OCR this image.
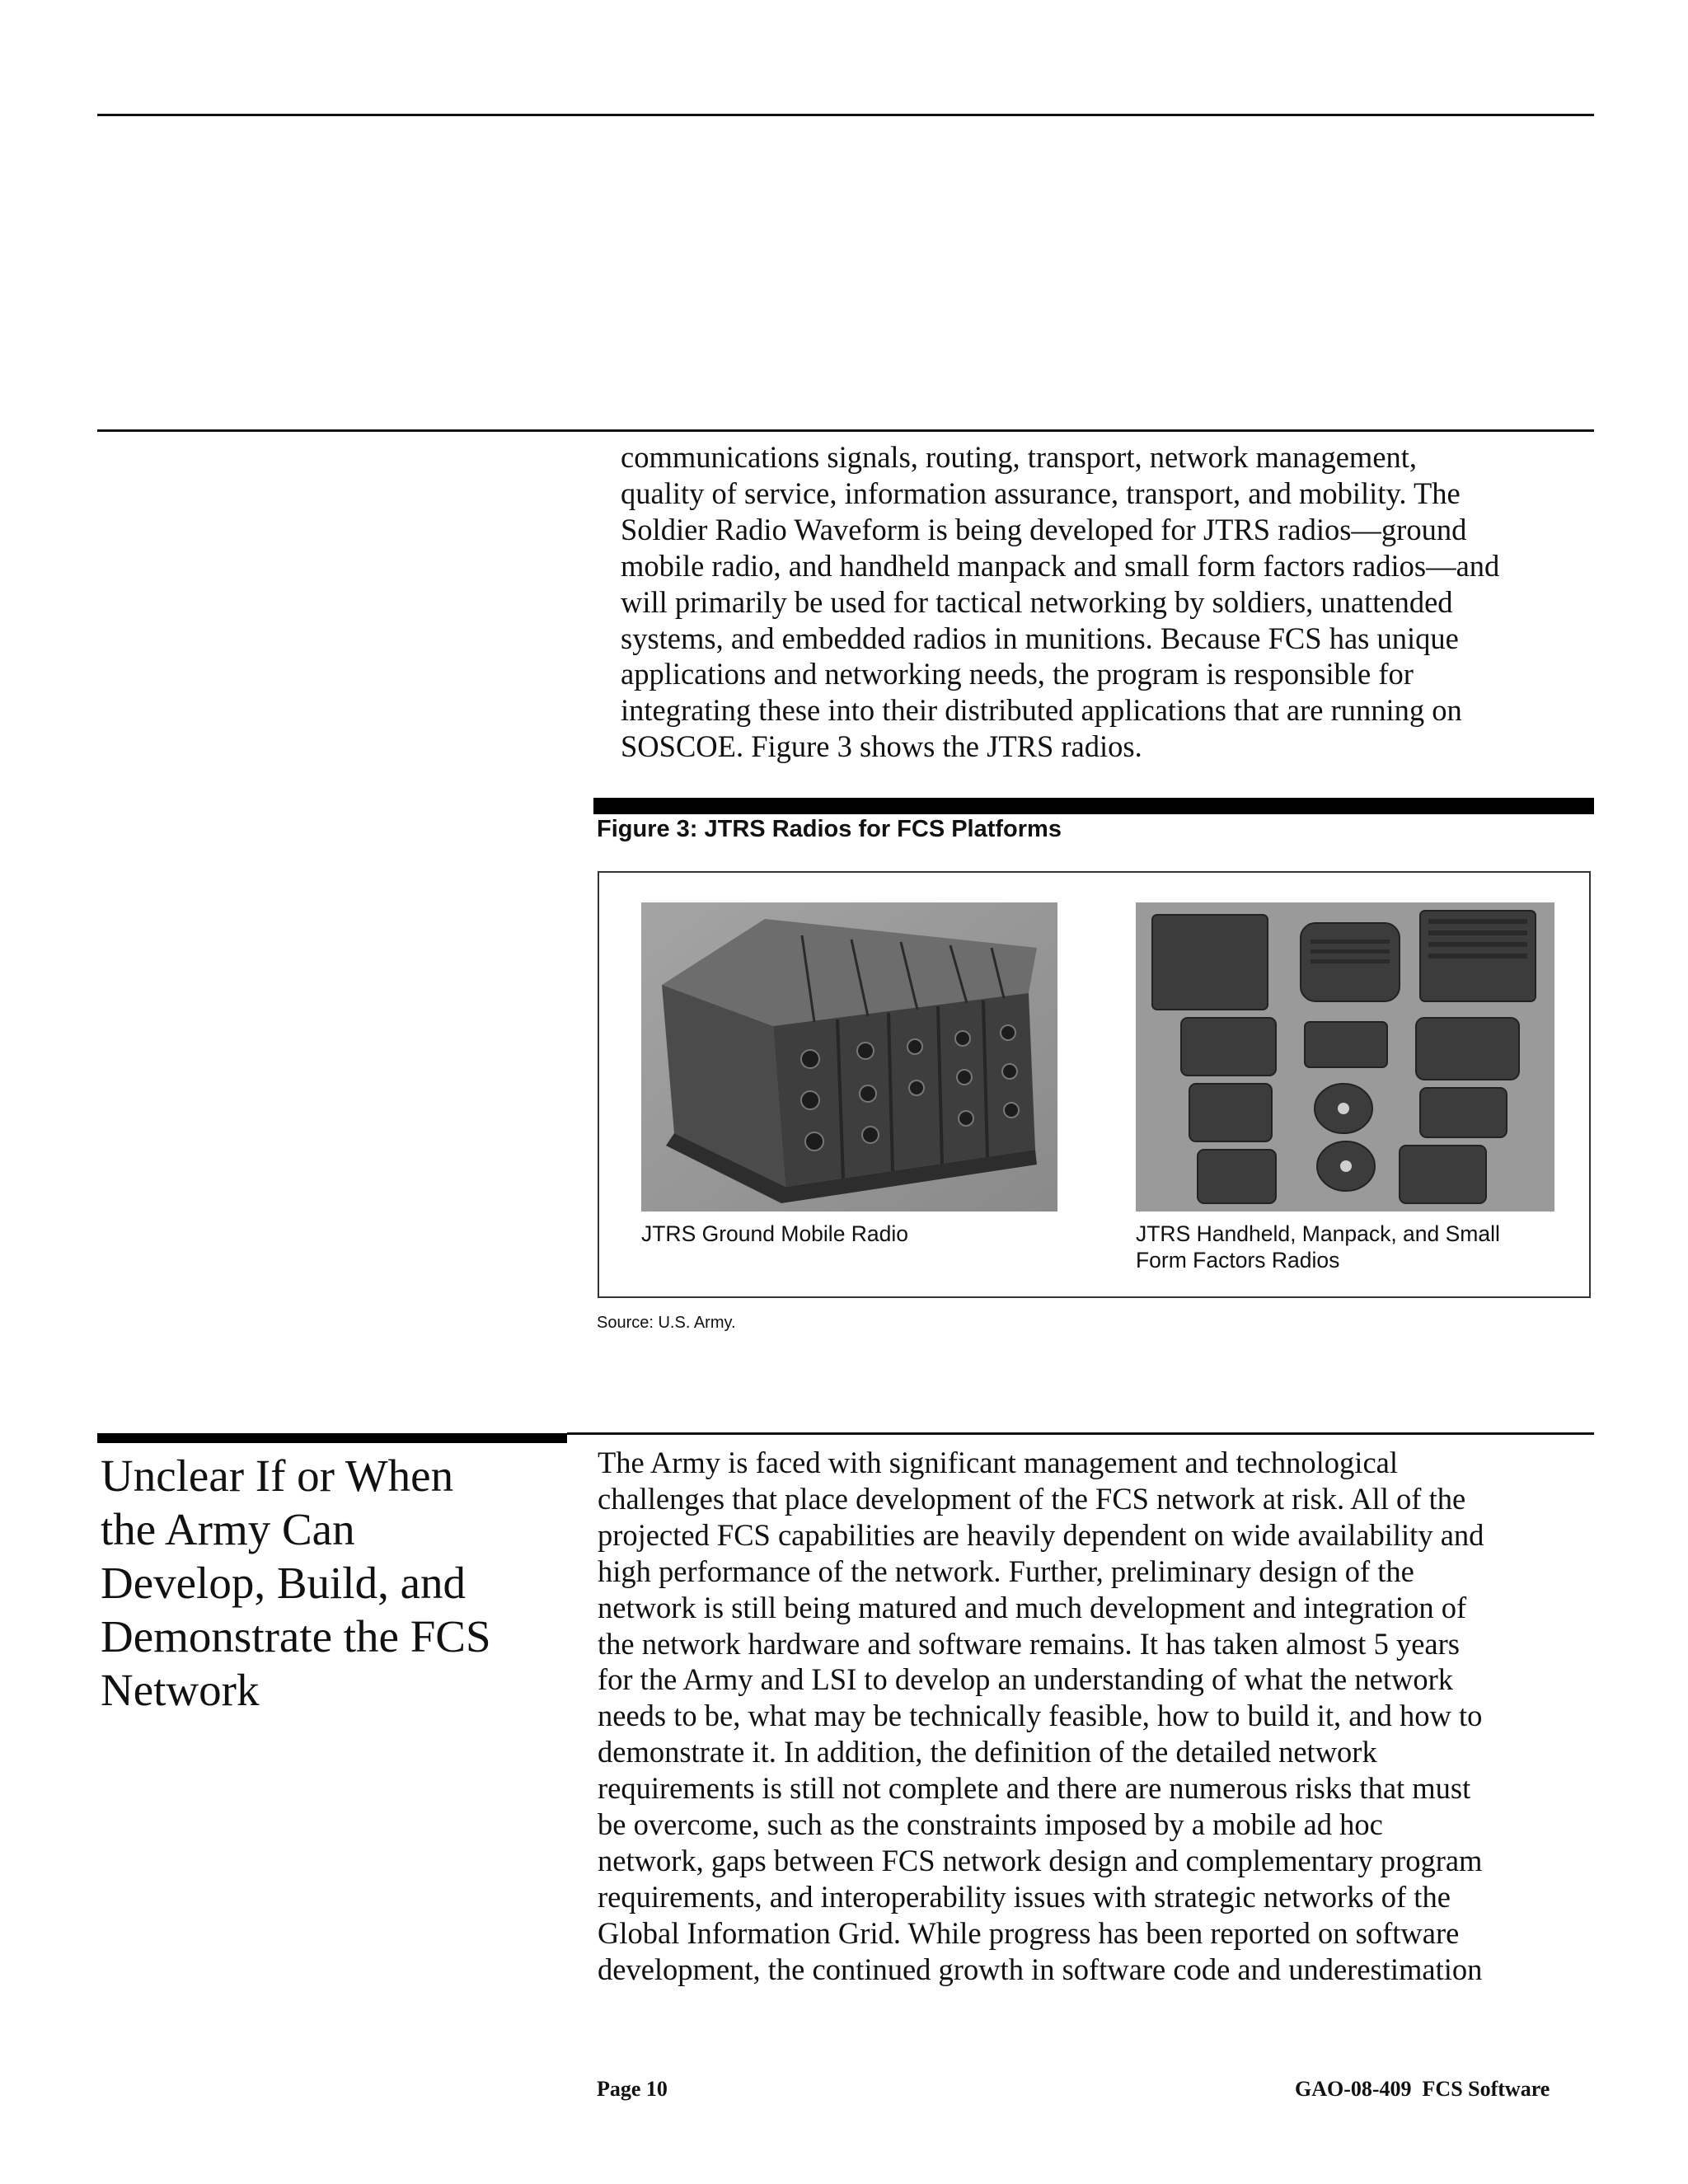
communications signals, routing, transport, network management,
quality of service, information assurance, transport, and mobility. The
Soldier Radio Waveform is being developed for JTRS radios—ground
mobile radio, and handheld manpack and small form factors radios—and
will primarily be used for tactical networking by soldiers, unattended
systems, and embedded radios in munitions. Because FCS has unique
applications and networking needs, the program is responsible for
integrating these into their distributed applications that are running on
SOSCOE. Figure 3 shows the JTRS radios.

Figure 3: JTRS Radios for FCS Platforms

JTRS Ground Mobile Radio	JTRS Handheld, Manpack, and Small
Form Factors Radios

Source: U.S. Army.

Unclear If or When
the Army Can
Develop, Build, and
Demonstrate the FCS
Network

The Army is faced with significant management and technological
challenges that place development of the FCS network at risk. All of the
projected FCS capabilities are heavily dependent on wide availability and
high performance of the network. Further, preliminary design of the
network is still being matured and much development and integration of
the network hardware and software remains. It has taken almost 5 years
for the Army and LSI to develop an understanding of what the network
needs to be, what may be technically feasible, how to build it, and how to
demonstrate it. In addition, the definition of the detailed network
requirements is still not complete and there are numerous risks that must
be overcome, such as the constraints imposed by a mobile ad hoc
network, gaps between FCS network design and complementary program
requirements, and interoperability issues with strategic networks of the
Global Information Grid. While progress has been reported on software
development, the continued growth in software code and underestimation

Page 10	GAO-08-409  FCS Software
